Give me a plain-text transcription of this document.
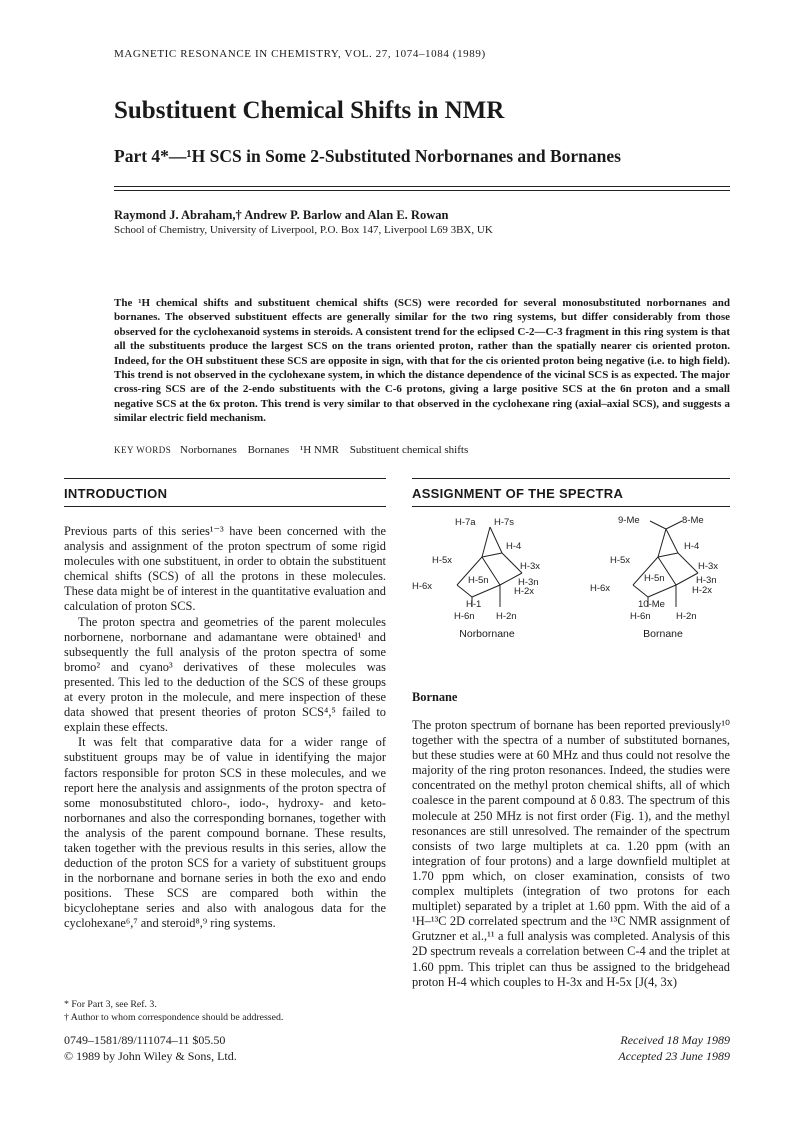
MAGNETIC RESONANCE IN CHEMISTRY, VOL. 27, 1074–1084 (1989)
Substituent Chemical Shifts in NMR
Part 4*—¹H SCS in Some 2-Substituted Norbornanes and Bornanes
Raymond J. Abraham,† Andrew P. Barlow and Alan E. Rowan
School of Chemistry, University of Liverpool, P.O. Box 147, Liverpool L69 3BX, UK
The ¹H chemical shifts and substituent chemical shifts (SCS) were recorded for several monosubstituted norbornanes and bornanes. The observed substituent effects are generally similar for the two ring systems, but differ considerably from those observed for the cyclohexanoid systems in steroids. A consistent trend for the eclipsed C-2—C-3 fragment in this ring system is that all the substituents produce the largest SCS on the trans oriented proton, rather than the spatially nearer cis oriented proton. Indeed, for the OH substituent these SCS are opposite in sign, with that for the cis oriented proton being negative (i.e. to high field). This trend is not observed in the cyclohexane system, in which the distance dependence of the vicinal SCS is as expected. The major cross-ring SCS are of the 2-endo substituents with the C-6 protons, giving a large positive SCS at the 6n proton and a small negative SCS at the 6x proton. This trend is very similar to that observed in the cyclohexane ring (axial–axial SCS), and suggests a similar electric field mechanism.
KEY WORDS Norbornanes Bornanes ¹H NMR Substituent chemical shifts
INTRODUCTION

Previous parts of this series¹⁻³ have been concerned with the analysis and assignment of the proton spectrum of some rigid molecules with one substituent, in order to obtain the substituent chemical shifts (SCS) of all the protons in these molecules. These data might be of interest in the quantitative evaluation and calculation of proton SCS.

The proton spectra and geometries of the parent molecules norbornene, norbornane and adamantane were obtained¹ and subsequently the full analysis of the proton spectra of some bromo² and cyano³ derivatives of these molecules was presented. This led to the deduction of the SCS of these groups at every proton in the molecule, and mere inspection of these data showed that present theories of proton SCS⁴,⁵ failed to explain these effects.

It was felt that comparative data for a wider range of substituent groups may be of value in identifying the major factors responsible for proton SCS in these molecules, and we report here the analysis and assignments of the proton spectra of some monosubstituted chloro-, iodo-, hydroxy- and keto-norbornanes and also the corresponding bornanes, together with the analysis of the parent compound bornane. These results, taken together with the previous results in this series, allow the deduction of the proton SCS for a variety of substituent groups in the norbornane and bornane series in both the exo and endo positions. These SCS are compared both within the bicycloheptane series and also with analogous data for the cyclohexane⁶,⁷ and steroid⁸,⁹ ring systems.

* For Part 3, see Ref. 3.
† Author to whom correspondence should be addressed.
0749–1581/89/111074–11 $05.50
© 1989 by John Wiley & Sons, Ltd.
ASSIGNMENT OF THE SPECTRA
H-7a H-7s
H-4
H-5x
H-3x
H-5n
H-6x	H-3n
H-2x
H-1
H-6n H-2n
Norbornane
9-Me	8-Me
H-4
H-5x
H-3x
H-5n	H-3n
H-6x	H-2x
10-Me
H-6n	H-2n
Bornane
Bornane

The proton spectrum of bornane has been reported previously¹⁰ together with the spectra of a number of substituted bornanes, but these studies were at 60 MHz and thus could not resolve the majority of the ring proton resonances. Indeed, the studies were concentrated on the methyl proton chemical shifts, all of which coalesce in the parent compound at δ 0.83. The spectrum of this molecule at 250 MHz is not first order (Fig. 1), and the methyl resonances are still unresolved. The remainder of the spectrum consists of two large multiplets at ca. 1.20 ppm (with an integration of four protons) and a large downfield multiplet at 1.70 ppm which, on closer examination, consists of two complex multiplets (integration of two protons for each multiplet) separated by a triplet at 1.60 ppm. With the aid of a ¹H–¹³C 2D correlated spectrum and the ¹³C NMR assignment of Grutzner et al.,¹¹ a full analysis was completed. Analysis of this 2D spectrum reveals a correlation between C-4 and the triplet at 1.60 ppm. This triplet can thus be assigned to the bridgehead proton H-4 which couples to H-3x and H-5x [J(4, 3x)

Received 18 May 1989
Accepted 23 June 1989
